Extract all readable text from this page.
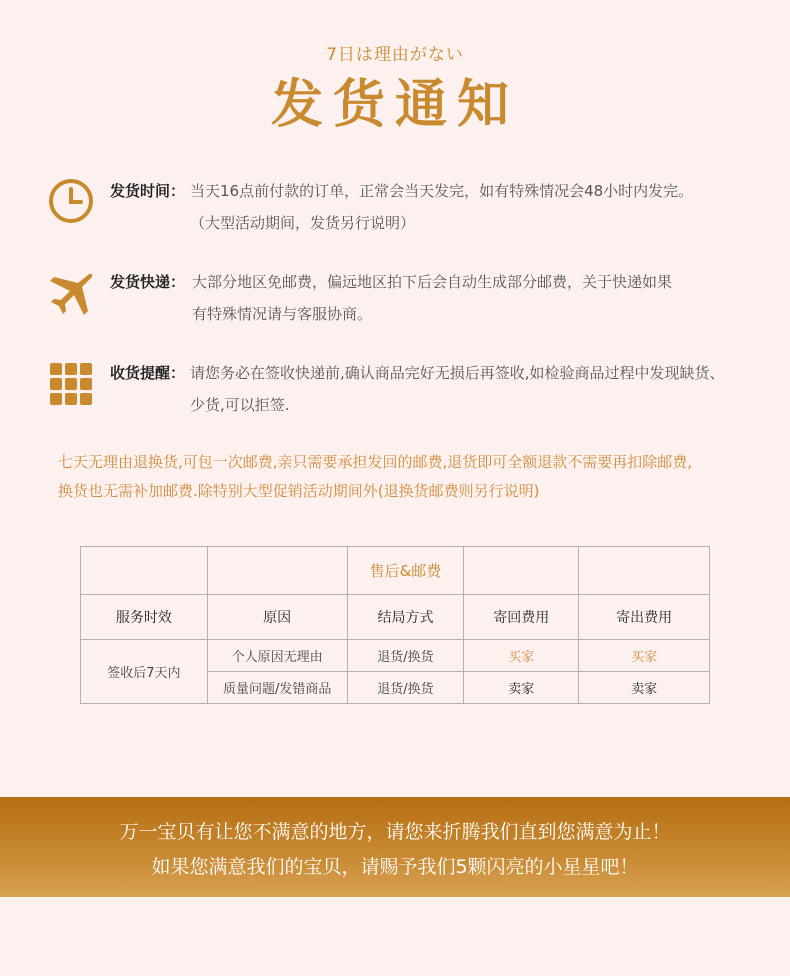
7日は理由がない
发货通知
发货时间： 当天16点前付款的订单，正常会当天发完，如有特殊情况会48小时内发完。
（大型活动期间，发货另行说明）
发货快递： 大部分地区免邮费，偏远地区拍下后会自动生成部分邮费，关于快递如果
有特殊情况请与客服协商。
收货提醒： 请您务必在签收快递前,确认商品完好无损后再签收,如检验商品过程中发现缺货、
少货,可以拒签.
七天无理由退换货,可包一次邮费,亲只需要承担发回的邮费,退货即可全额退款不需要再扣除邮费,
换货也无需补加邮费.除特别大型促销活动期间外(退换货邮费则另行说明)
		售后&邮费		
服务时效	原因	结局方式	寄回费用	寄出费用
签收后7天内	个人原因无理由	退货/换货	买家	买家
	质量问题/发错商品	退货/换货	卖家	卖家
万一宝贝有让您不满意的地方，请您来折腾我们直到您满意为止！
如果您满意我们的宝贝，请赐予我们5颗闪亮的小星星吧！
